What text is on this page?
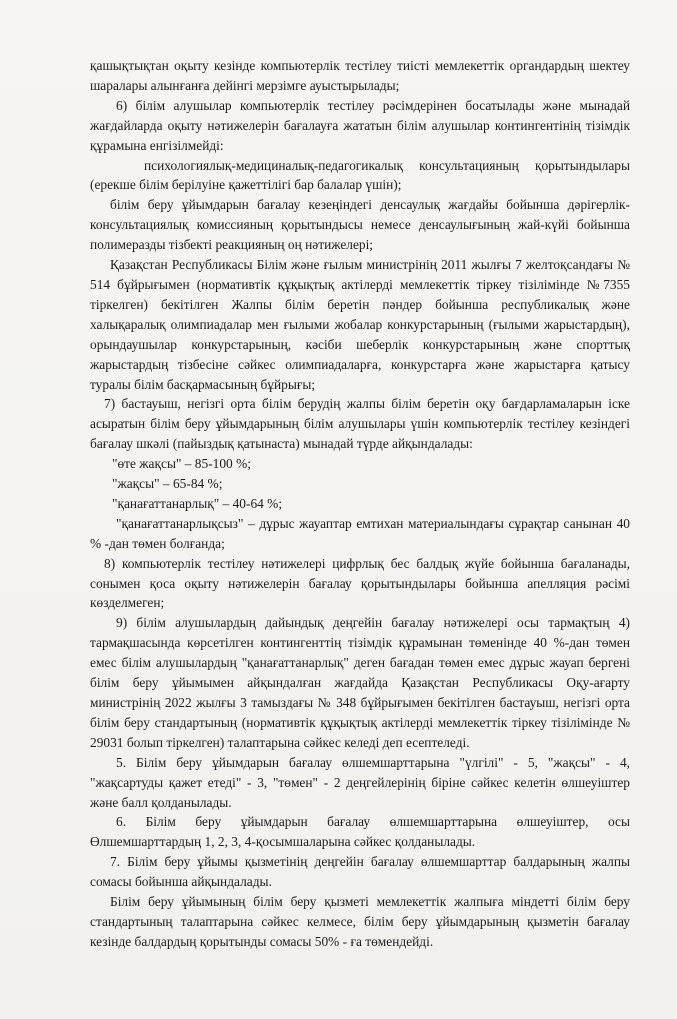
қашықтықтан оқыту кезінде компьютерлік тестілеу тиісті мемлекеттік органдардың шектеу шаралары алынғанға дейінгі мерзімге ауыстырылады;

6) білім алушылар компьютерлік тестілеу рәсімдерінен босатылады және мынадай жағдайларда оқыту нәтижелерін бағалауға жататын білім алушылар контингентінің тізімдік құрамына енгізілмейді:

психологиялық-медициналық-педагогикалық консультацияның қорытындылары (ерекше білім берілуіне қажеттілігі бар балалар үшін);

білім беру ұйымдарын бағалау кезеңіндегі денсаулық жағдайы бойынша дәрігерлік-консультациялық комиссияның қорытындысы немесе денсаулығының жай-күйі бойынша полимеразды тізбекті реакцияның оң нәтижелері;

Қазақстан Республикасы Білім және ғылым министрінің 2011 жылғы 7 желтоқсандағы № 514 бұйрығымен (нормативтік құқықтық актілерді мемлекеттік тіркеу тізілімінде №7355 тіркелген) бекітілген Жалпы білім беретін пәндер бойынша республикалық және халықаралық олимпиадалар мен ғылыми жобалар конкурстарының (ғылыми жарыстардың), орындаушылар конкурстарының, кәсіби шеберлік конкурстарының және спорттық жарыстардың тізбесіне сәйкес олимпиадаларға, конкурстарға және жарыстарға қатысу туралы білім басқармасының бұйрығы;

7) бастауыш, негізгі орта білім берудің жалпы білім беретін оқу бағдарламаларын іске асыратын білім беру ұйымдарының білім алушылары үшін компьютерлік тестілеу кезіндегі бағалау шкәлі (пайыздық қатынаста) мынадай түрде айқындалады:

"өте жақсы" – 85-100 %;

"жақсы" – 65-84 %;

"қанағаттанарлық" – 40-64 %;

"қанағаттанарлықсыз" – дұрыс жауаптар емтихан материалындағы сұрақтар санынан 40 % -дан төмен болғанда;

8) компьютерлік тестілеу нәтижелері цифрлық бес балдық жүйе бойынша бағаланады, сонымен қоса оқыту нәтижелерін бағалау қорытындылары бойынша апелляция рәсімі көзделмеген;

9) білім алушылардың дайындық деңгейін бағалау нәтижелері осы тармақтың 4) тармақшасында көрсетілген контингенттің тізімдік құрамынан төменінде 40 %-дан төмен емес білім алушылардың "қанағаттанарлық" деген бағадан төмен емес дұрыс жауап бергені білім беру ұйымымен айқындалған жағдайда Қазақстан Республикасы Оқу-ағарту министрінің 2022 жылғы 3 тамыздағы № 348 бұйрығымен бекітілген бастауыш, негізгі орта білім беру стандартының (нормативтік құқықтық актілерді мемлекеттік тіркеу тізілімінде № 29031 болып тіркелген) талаптарына сәйкес келеді деп есептеледі.

5. Білім беру ұйымдарын бағалау өлшемшарттарына "үлгілі" - 5, "жақсы" - 4, "жақсартуды қажет етеді" - 3, "төмен" - 2 деңгейлерінің біріне сәйкес келетін өлшеуіштер және балл қолданылады.

6. Білім беру ұйымдарын бағалау өлшемшарттарына өлшеуіштер, осы Өлшемшарттардың 1, 2, 3, 4-қосымшаларына сәйкес қолданылады.

7. Білім беру ұйымы қызметінің деңгейін бағалау өлшемшарттар балдарының жалпы сомасы бойынша айқындалады.

Білім беру ұйымының білім беру қызметі мемлекеттік жалпыға міндетті білім беру стандартының талаптарына сәйкес келмесе, білім беру ұйымдарының қызметін бағалау кезінде балдардың қорытынды сомасы 50% - ға төмендейді.
